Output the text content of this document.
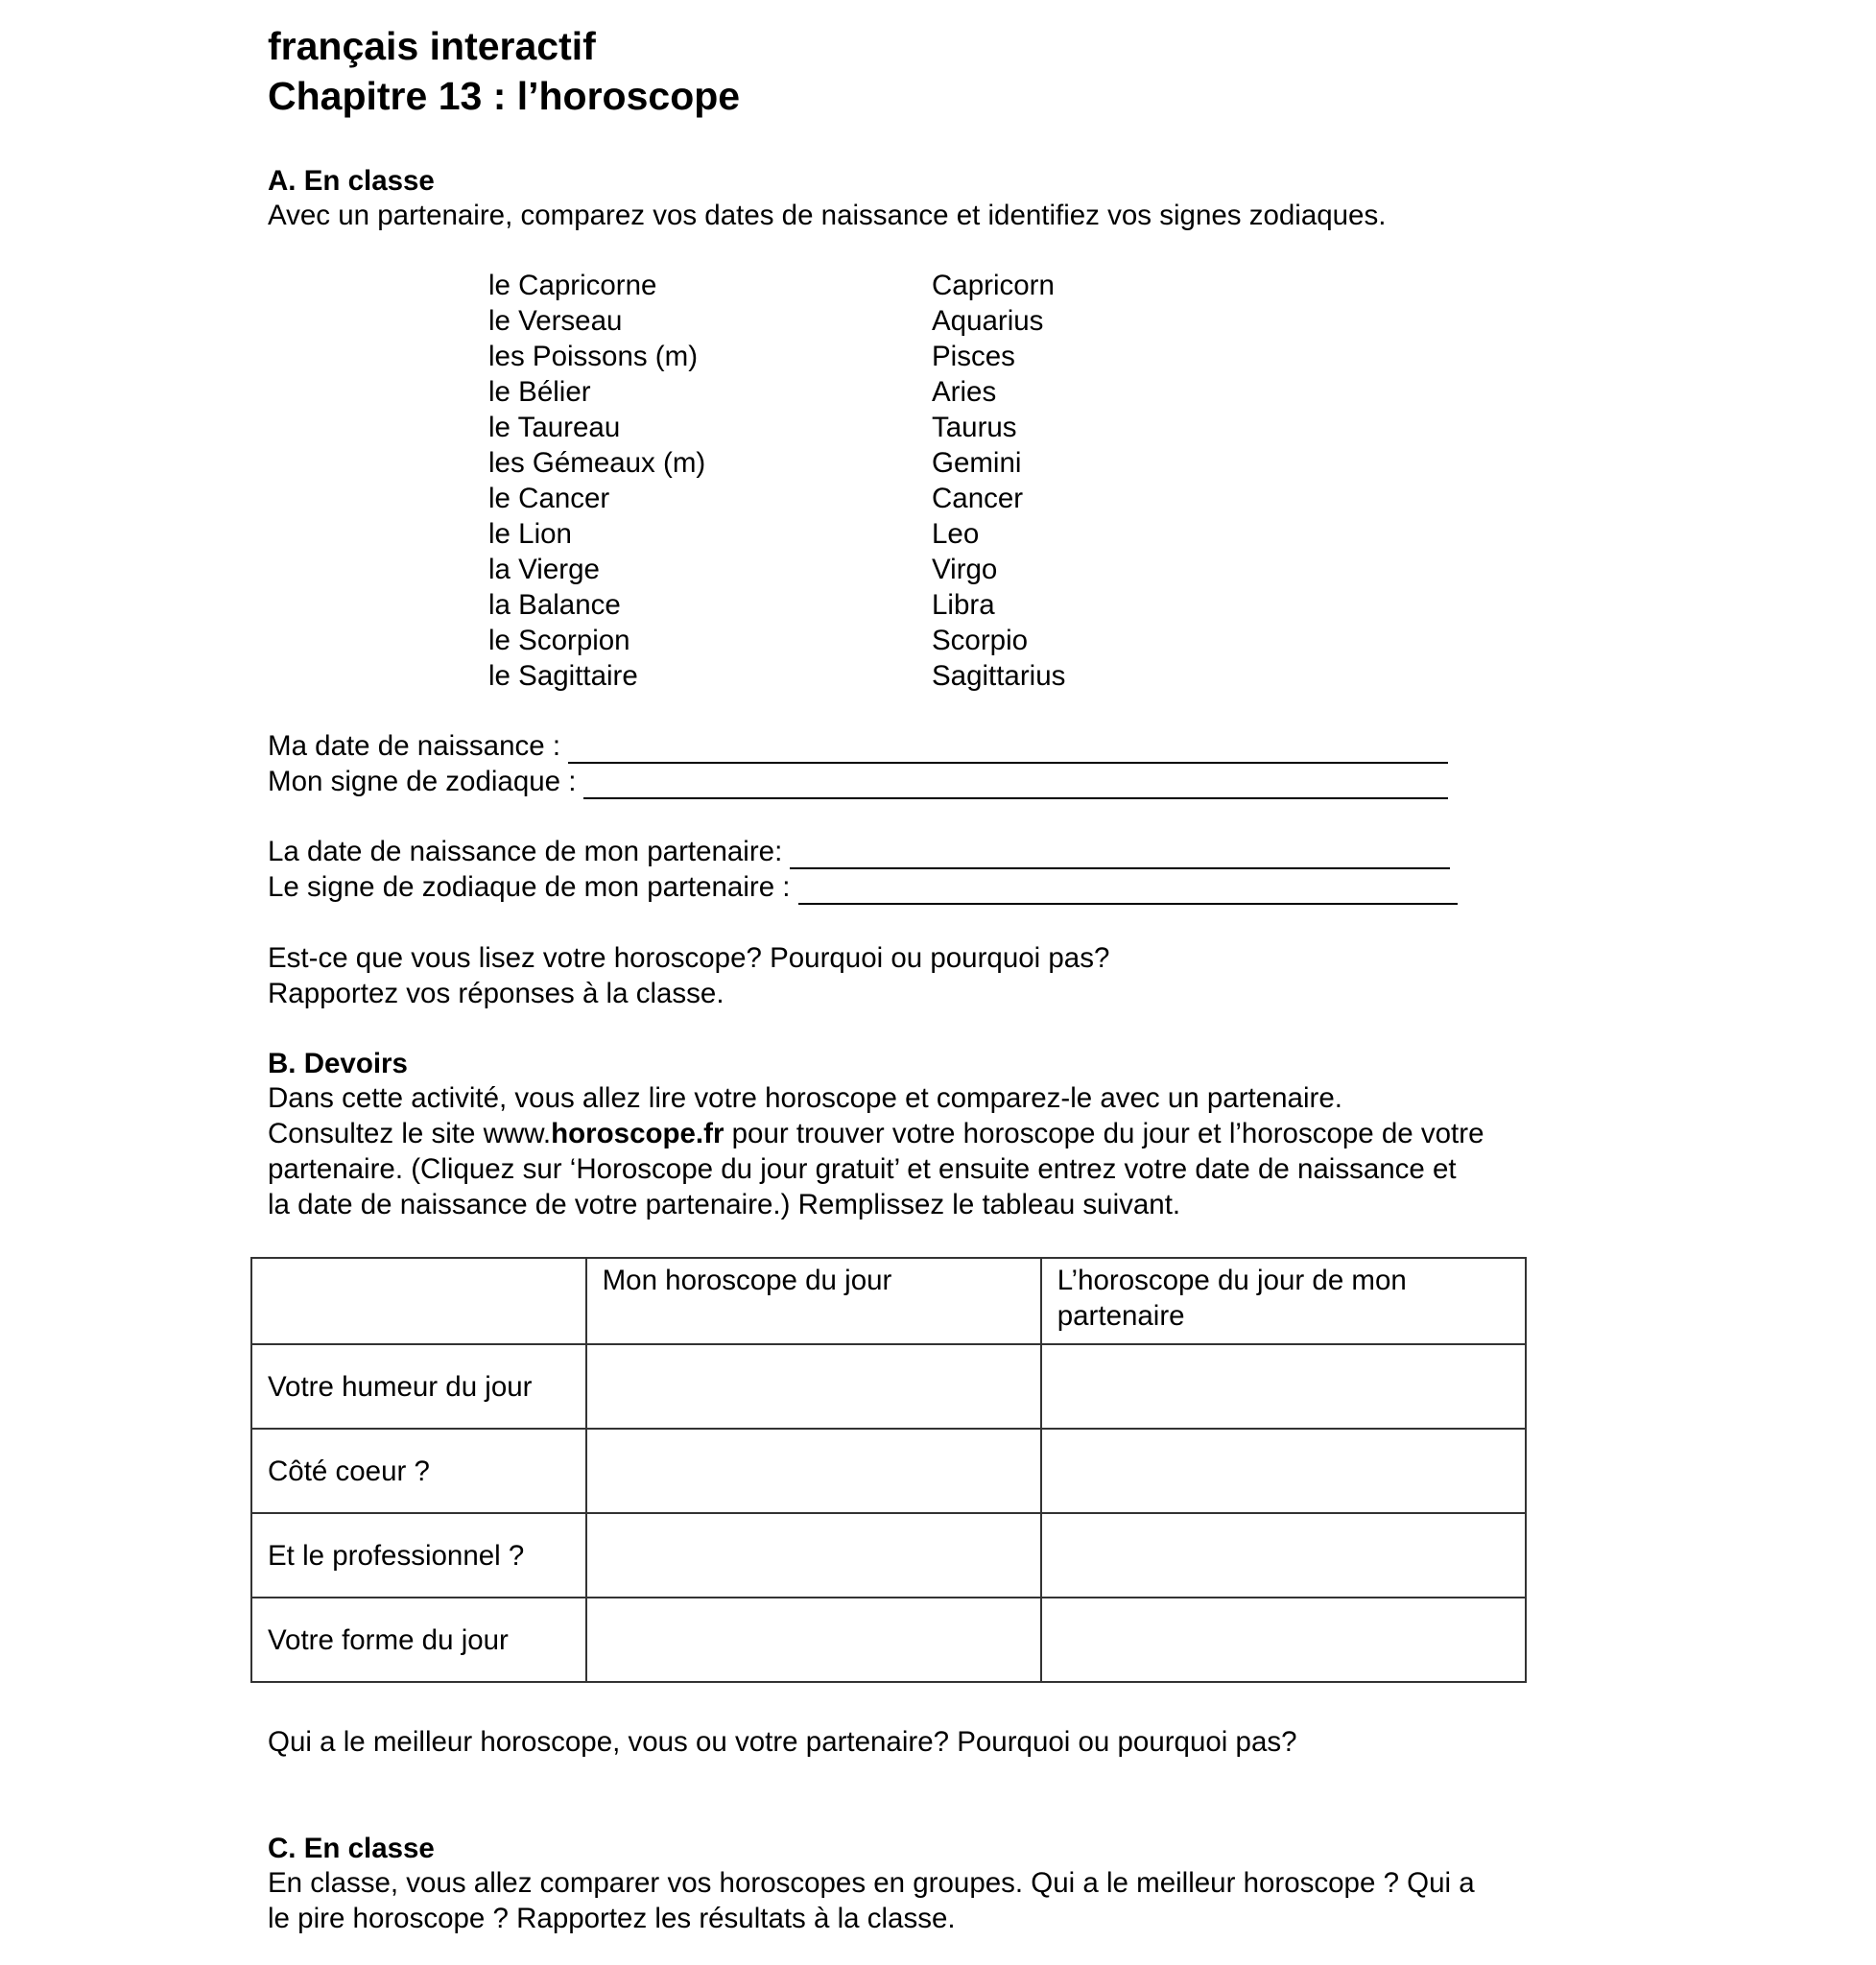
français interactif
Chapitre 13 : l’horoscope
A. En classe
Avec un partenaire, comparez vos dates de naissance et identifiez vos signes zodiaques.
le Capricorne	Capricorn
le Verseau	Aquarius
les Poissons (m)	Pisces
le Bélier	Aries
le Taureau	Taurus
les Gémeaux (m)	Gemini
le Cancer	Cancer
le Lion	Leo
la Vierge	Virgo
la Balance	Libra
le Scorpion	Scorpio
le Sagittaire	Sagittarius
Ma date de naissance :
Mon signe de zodiaque :
La date de naissance de mon partenaire:
Le signe de zodiaque de mon partenaire :
Est-ce que vous lisez votre horoscope? Pourquoi ou pourquoi pas?
Rapportez vos réponses à la classe.
B. Devoirs
Dans cette activité, vous allez lire votre horoscope et comparez-le avec un partenaire.
Consultez le site www.horoscope.fr pour trouver votre horoscope du jour et l’horoscope de votre
partenaire. (Cliquez sur ‘Horoscope du jour gratuit’ et ensuite entrez votre date de naissance et
la date de naissance de votre partenaire.) Remplissez le tableau suivant.
	Mon horoscope du jour	L’horoscope du jour de mon partenaire
Votre humeur du jour		
Côté coeur ?		
Et le professionnel ?		
Votre forme du jour		
Qui a le meilleur horoscope, vous ou votre partenaire? Pourquoi ou pourquoi pas?
C. En classe
En classe, vous allez comparer vos horoscopes en groupes. Qui a le meilleur horoscope ? Qui a
le pire horoscope ? Rapportez les résultats à la classe.
